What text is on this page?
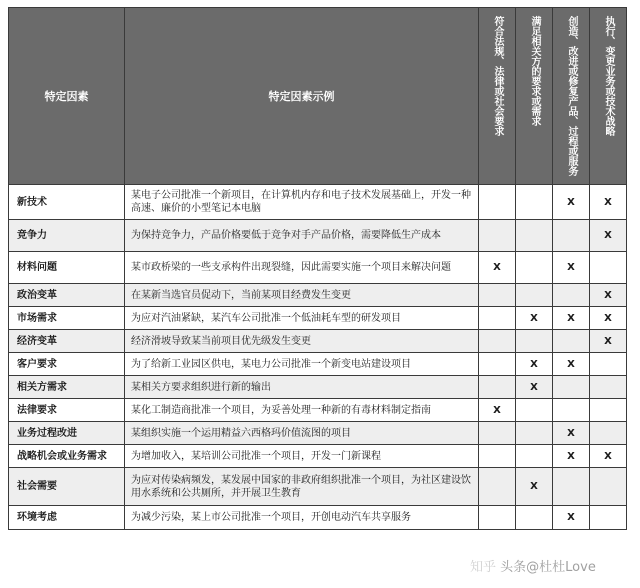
特定因素	特定因素示例	符合法规、法律或社会要求	满足相关方的要求或需求	创造、改进或修复产品、过程或服务	执行、变更业务或技术战略
新技术	某电子公司批准一个新项目，在计算机内存和电子技术发展基础上，开发一种高速、廉价的小型笔记本电脑			X	X
竞争力	为保持竞争力，产品价格要低于竞争对手产品价格，需要降低生产成本				X
材料问题	某市政桥梁的一些支承构件出现裂缝，因此需要实施一个项目来解决问题	X		X	
政治变革	在某新当选官员促动下，当前某项目经费发生变更				X
市场需求	为应对汽油紧缺，某汽车公司批准一个低油耗车型的研发项目		X	X	X
经济变革	经济滑坡导致某当前项目优先级发生变更				X
客户要求	为了给新工业园区供电，某电力公司批准一个新变电站建设项目		X	X	
相关方需求	某相关方要求组织进行新的输出		X		
法律要求	某化工制造商批准一个项目，为妥善处理一种新的有毒材料制定指南	X			
业务过程改进	某组织实施一个运用精益六西格玛价值流图的项目			X	
战略机会或业务需求	为增加收入，某培训公司批准一个项目，开发一门新课程			X	X
社会需要	为应对传染病频发，某发展中国家的非政府组织批准一个项目，为社区建设饮用水系统和公共厕所，并开展卫生教育		X		
环境考虑	为减少污染，某上市公司批准一个项目，开创电动汽车共享服务			X	
知乎 头条@杜杜Love
